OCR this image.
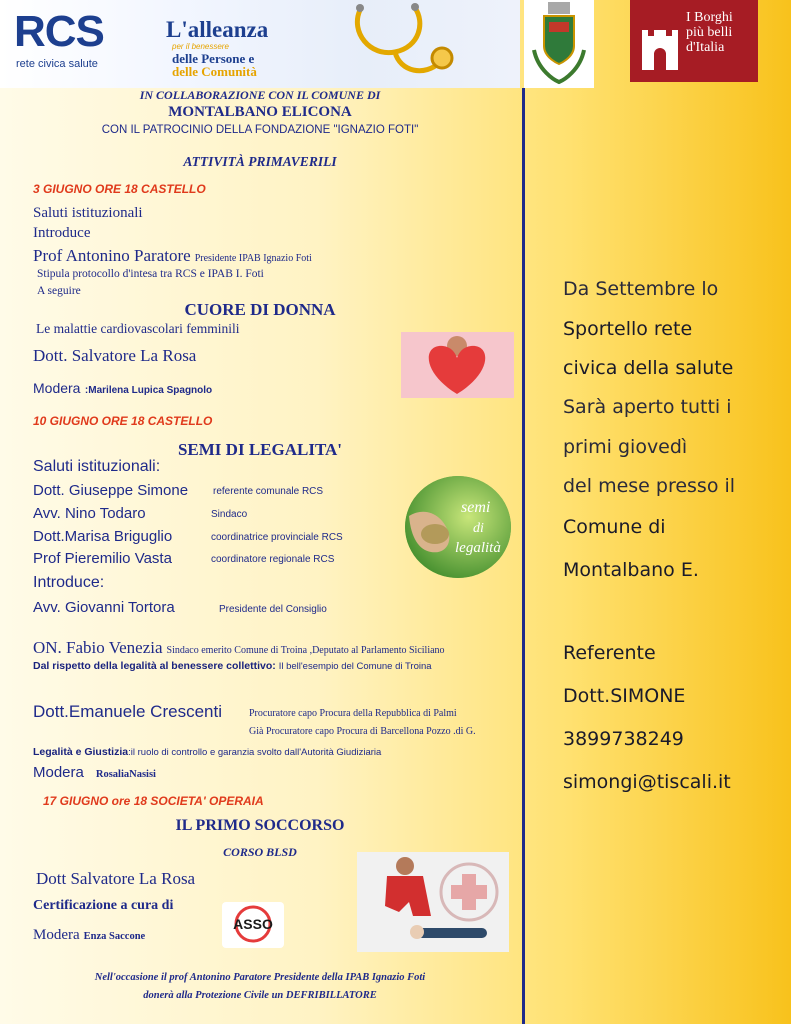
RCS
rete civica salute
L'alleanza
per il benessere
delle Persone e
delle Comunità
I Borghi
più belli
d'Italia
IN COLLABORAZIONE CON IL COMUNE DI
MONTALBANO ELICONA
CON IL PATROCINIO DELLA FONDAZIONE "IGNAZIO FOTI"
ATTIVITÀ PRIMAVERILI
3 GIUGNO ORE 18 CASTELLO
Saluti istituzionali
Introduce
Prof Antonino Paratore Presidente IPAB Ignazio Foti
Stipula protocollo d'intesa tra RCS e IPAB I. Foti
A seguire
CUORE DI DONNA
Le malattie cardiovascolari femminili
Dott. Salvatore La Rosa
Modera :Marilena Lupica Spagnolo
10 GIUGNO ORE 18 CASTELLO
SEMI DI LEGALITA'
Saluti istituzionali:
Dott. Giuseppe Simone referente comunale RCS
Avv. Nino Todaro	Sindaco
Dott.Marisa Briguglio	coordinatrice provinciale RCS
Prof Pieremilio Vasta	coordinatore regionale RCS
Introduce:
Avv. Giovanni Tortora	Presidente del Consiglio
semi
di
legalità
ON. Fabio Venezia Sindaco emerito Comune di Troina ,Deputato al Parlamento Siciliano
Dal rispetto della legalità al benessere collettivo: Il bell'esempio del Comune di Troina
Dott.Emanuele Crescenti	Procuratore capo Procura della Repubblica di Palmi
Già Procuratore capo Procura di Barcellona Pozzo .di G.
Legalità e Giustizia:il ruolo di controllo e garanzia svolto dall'Autorità Giudiziaria
Modera RosaliaNasisi
17 GIUGNO ore 18 SOCIETA' OPERAIA
IL PRIMO SOCCORSO
CORSO BLSD
Dott Salvatore La Rosa
Certificazione a cura di
Modera Enza Saccone
ASSO
Nell'occasione il prof Antonino Paratore Presidente della IPAB Ignazio Foti
donerà alla Protezione Civile un DEFRIBILLATORE
Da Settembre lo
Sportello rete
civica della salute
Sarà aperto tutti i
primi giovedì
del mese presso il
Comune di
Montalbano E.
Referente
Dott.SIMONE
3899738249
simongi@tiscali.it
